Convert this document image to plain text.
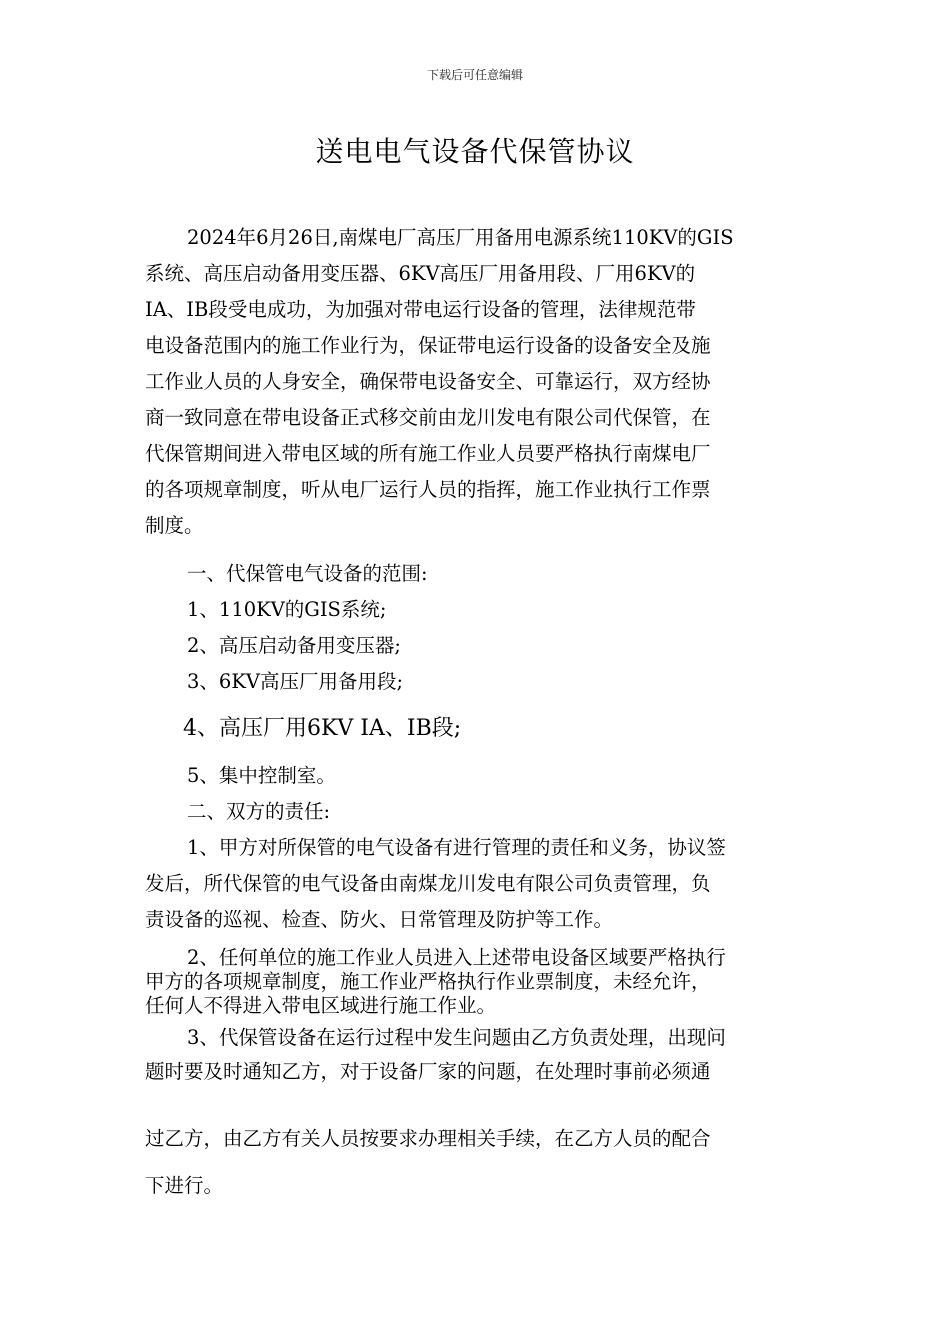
下载后可任意编辑
送电电气设备代保管协议
2024年6月26日,南煤电厂高压厂用备用电源系统110KV的GIS
系统、高压启动备用变压器、6KV高压厂用备用段、厂用6KV的
ⅠA、ⅠB段受电成功，为加强对带电运行设备的管理，法律规范带
电设备范围内的施工作业行为，保证带电运行设备的设备安全及施
工作业人员的人身安全，确保带电设备安全、可靠运行，双方经协
商一致同意在带电设备正式移交前由龙川发电有限公司代保管，在
代保管期间进入带电区域的所有施工作业人员要严格执行南煤电厂
的各项规章制度，听从电厂运行人员的指挥，施工作业执行工作票
制度。
一、代保管电气设备的范围:
1、110KV的GIS系统;
2、高压启动备用变压器;
3、6KV高压厂用备用段;
4、高压厂用6KV ⅠA、ⅠB段;
5、集中控制室。
二、双方的责任:
1、甲方对所保管的电气设备有进行管理的责任和义务，协议签
发后，所代保管的电气设备由南煤龙川发电有限公司负责管理，负
责设备的巡视、检查、防火、日常管理及防护等工作。
2、任何单位的施工作业人员进入上述带电设备区域要严格执行
甲方的各项规章制度，施工作业严格执行作业票制度，未经允许，
任何人不得进入带电区域进行施工作业。
3、代保管设备在运行过程中发生问题由乙方负责处理，出现问
题时要及时通知乙方，对于设备厂家的问题，在处理时事前必须通
过乙方，由乙方有关人员按要求办理相关手续，在乙方人员的配合
下进行。
